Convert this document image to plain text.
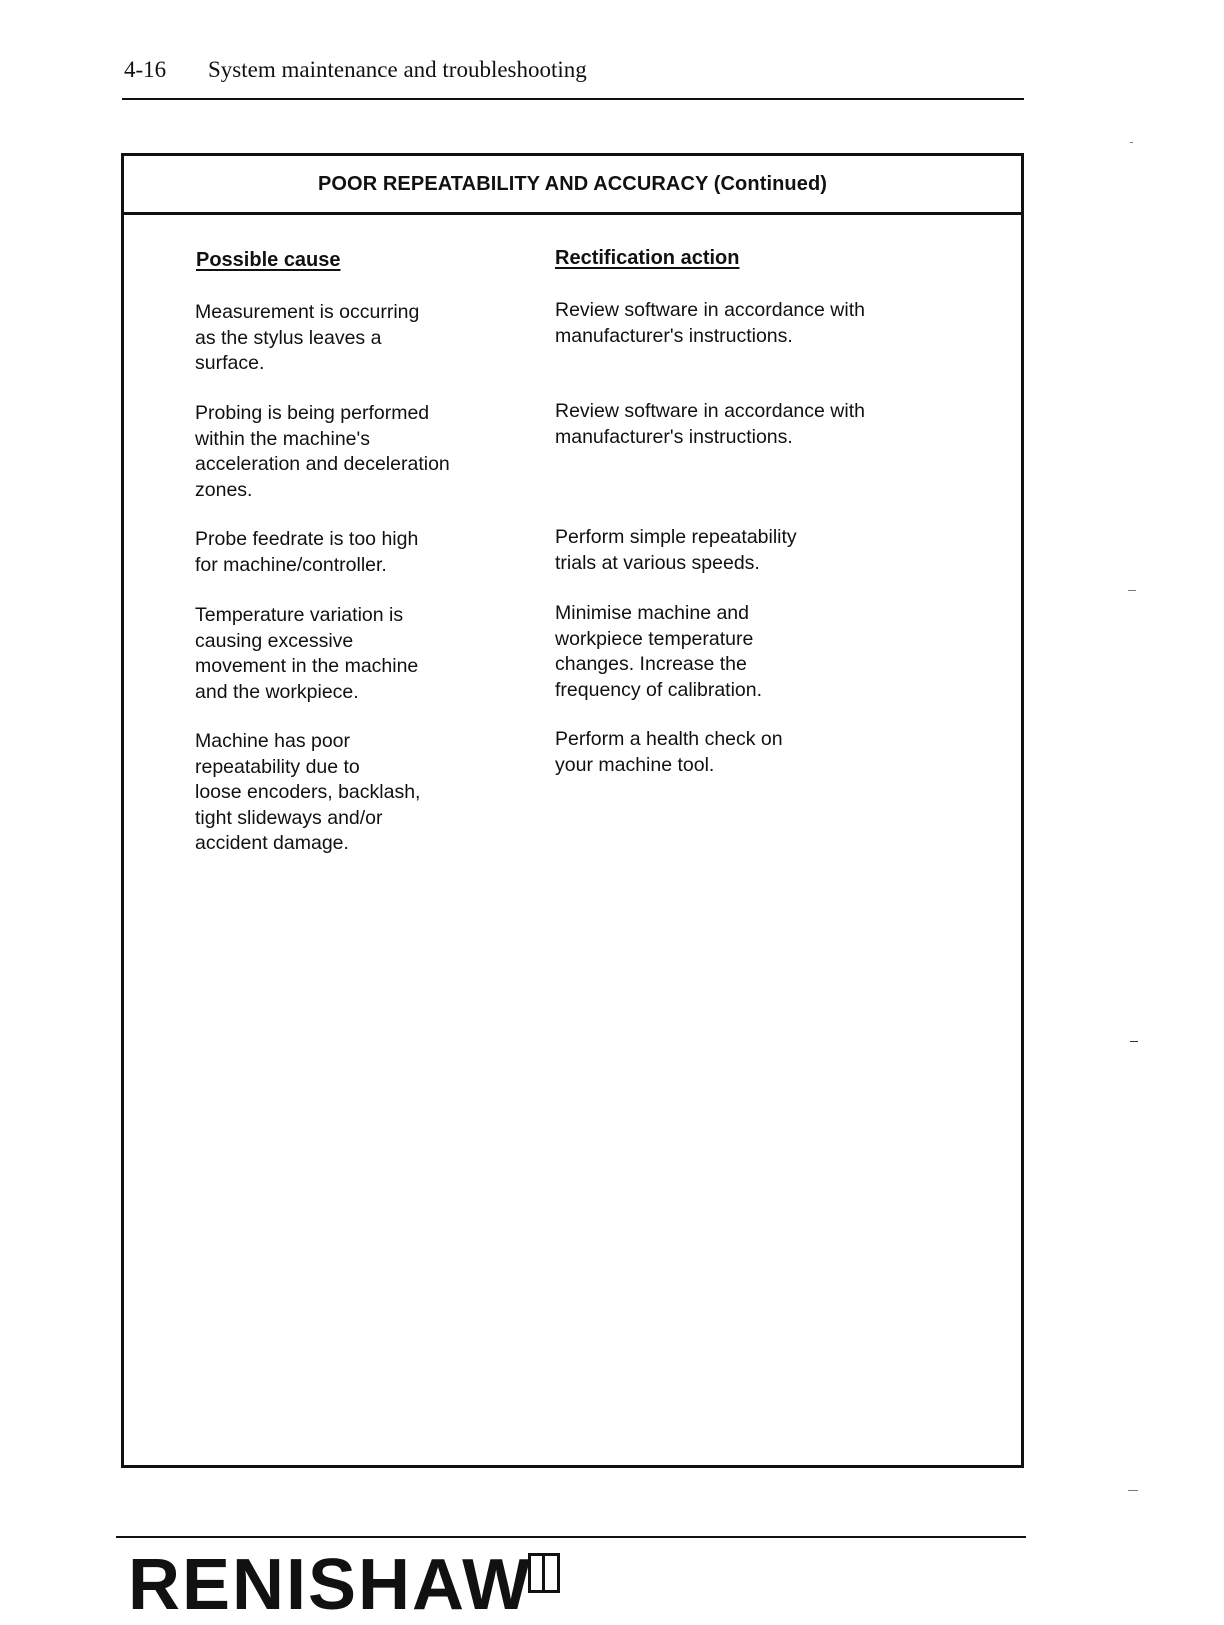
4-16 System maintenance and troubleshooting
POOR REPEATABILITY AND ACCURACY (Continued)
Possible cause	Rectification action
Measurement is occurring
as the stylus leaves a
surface.
Review software in accordance with
manufacturer's instructions.
Probing is being performed
within the machine's
acceleration and deceleration
zones.
Review software in accordance with
manufacturer's instructions.
Probe feedrate is too high
for machine/controller.
Perform simple repeatability
trials at various speeds.
Temperature variation is
causing excessive
movement in the machine
and the workpiece.
Minimise machine and
workpiece temperature
changes. Increase the
frequency of calibration.
Machine has poor
repeatability due to
loose encoders, backlash,
tight slideways and/or
accident damage.
Perform a health check on
your machine tool.
RENISHAW
